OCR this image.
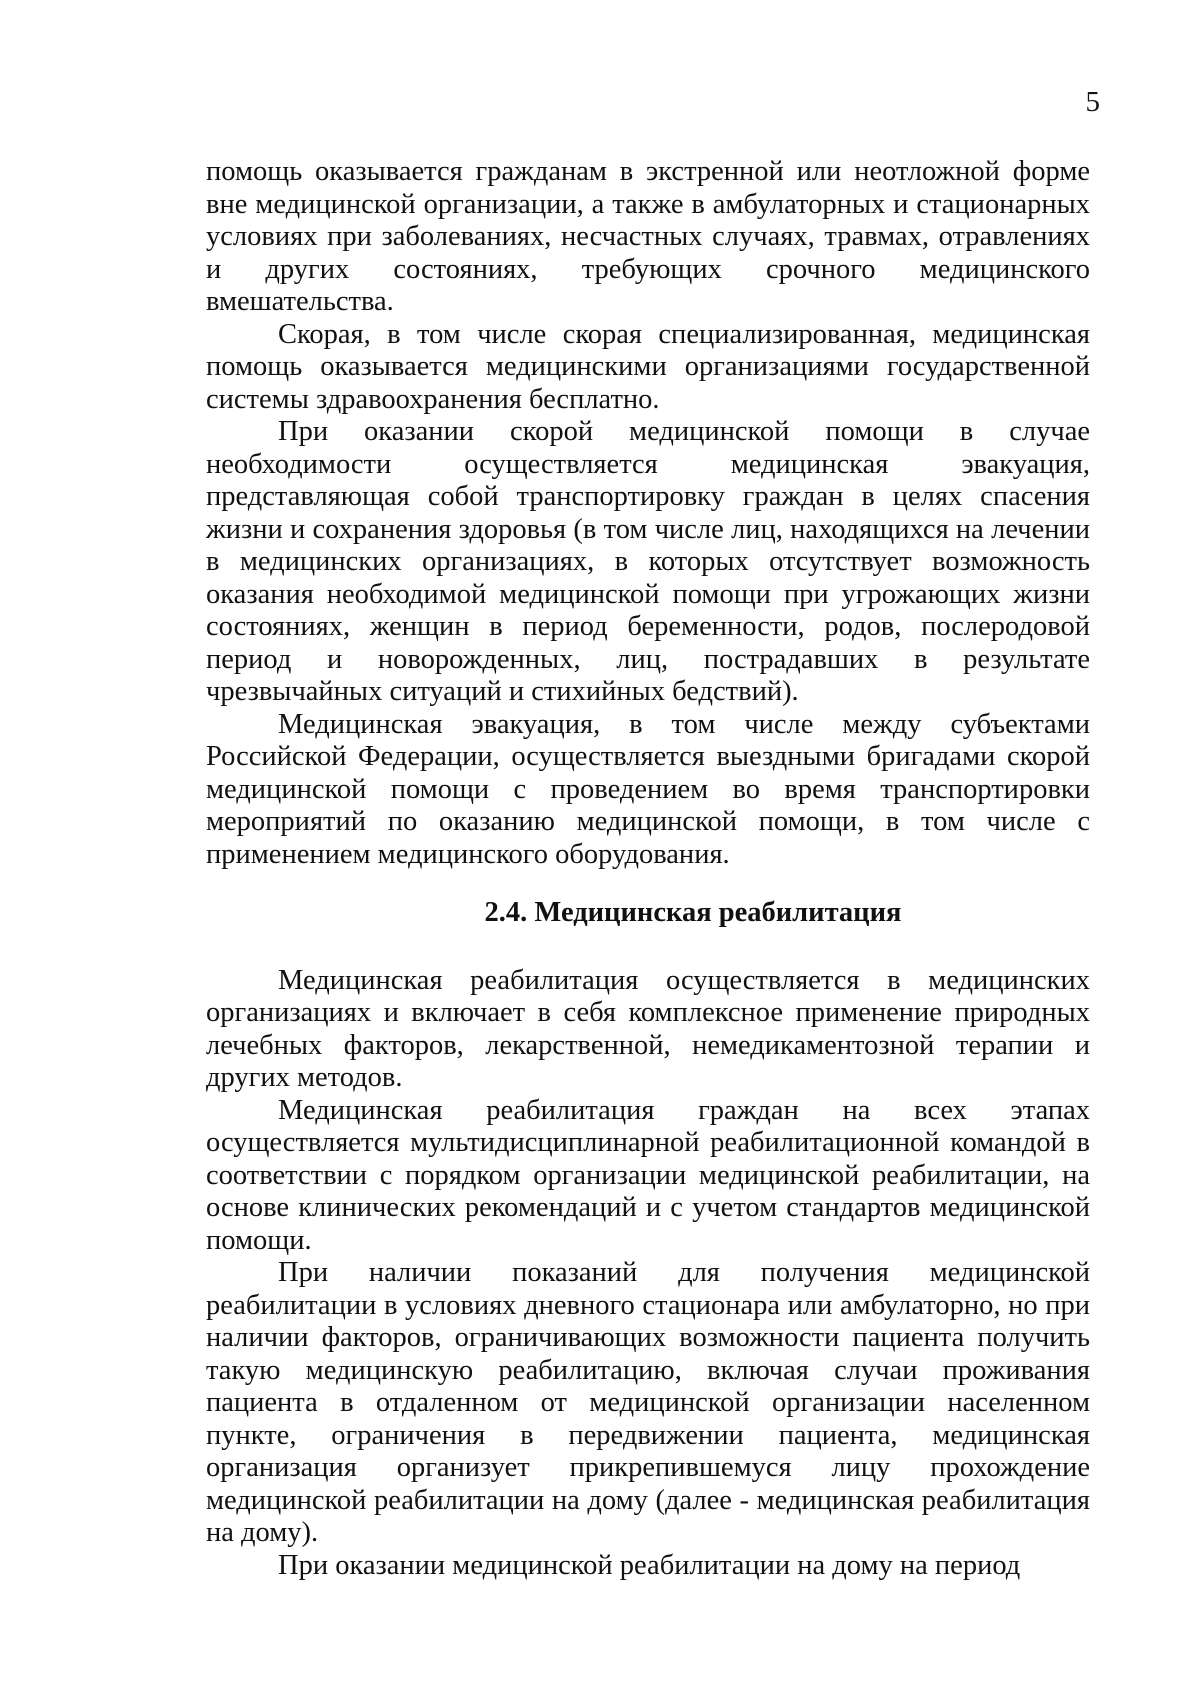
5

помощь оказывается гражданам в экстренной или неотложной форме вне медицинской организации, а также в амбулаторных и стационарных условиях при заболеваниях, несчастных случаях, травмах, отравлениях и других состояниях, требующих срочного медицинского вмешательства.

Скорая, в том числе скорая специализированная, медицинская помощь оказывается медицинскими организациями государственной системы здравоохранения бесплатно.

При оказании скорой медицинской помощи в случае необходимости осуществляется медицинская эвакуация, представляющая собой транспортировку граждан в целях спасения жизни и сохранения здоровья (в том числе лиц, находящихся на лечении в медицинских организациях, в которых отсутствует возможность оказания необходимой медицинской помощи при угрожающих жизни состояниях, женщин в период беременности, родов, послеродовой период и новорожденных, лиц, пострадавших в результате чрезвычайных ситуаций и стихийных бедствий).

Медицинская эвакуация, в том числе между субъектами Российской Федерации, осуществляется выездными бригадами скорой медицинской помощи с проведением во время транспортировки мероприятий по оказанию медицинской помощи, в том числе с применением медицинского оборудования.

2.4. Медицинская реабилитация

Медицинская реабилитация осуществляется в медицинских организациях и включает в себя комплексное применение природных лечебных факторов, лекарственной, немедикаментозной терапии и других методов.

Медицинская реабилитация граждан на всех этапах осуществляется мультидисциплинарной реабилитационной командой в соответствии с порядком организации медицинской реабилитации, на основе клинических рекомендаций и с учетом стандартов медицинской помощи.

При наличии показаний для получения медицинской реабилитации в условиях дневного стационара или амбулаторно, но при наличии факторов, ограничивающих возможности пациента получить такую медицинскую реабилитацию, включая случаи проживания пациента в отдаленном от медицинской организации населенном пункте, ограничения в передвижении пациента, медицинская организация организует прикрепившемуся лицу прохождение медицинской реабилитации на дому (далее - медицинская реабилитация на дому).

При оказании медицинской реабилитации на дому на период
